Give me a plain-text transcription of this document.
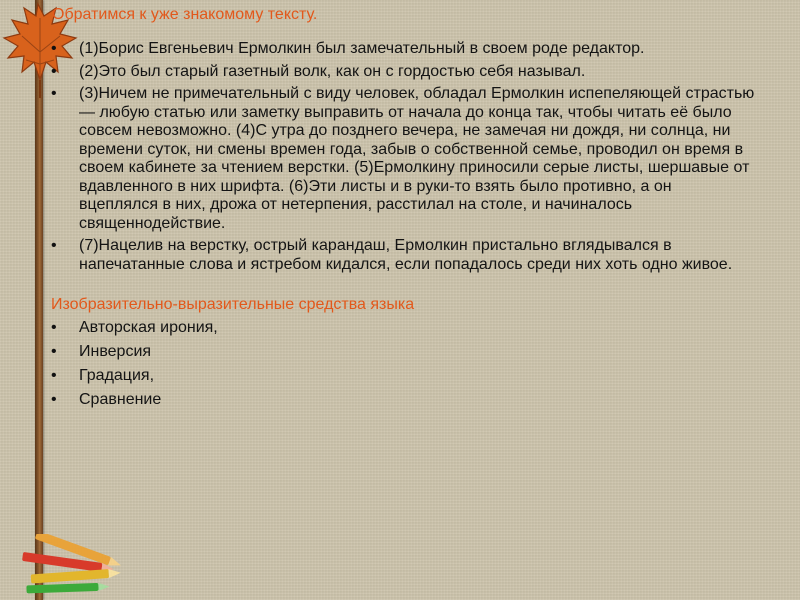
Обратимся к уже знакомому тексту.
• (1)Борис Евгеньевич Ермолкин был замечательный в своем роде редактор.
• (2)Это был старый газетный волк, как он с гордостью себя называл.
• (3)Ничем не примечательный с виду человек, обладал Ермолкин испепеляющей страстью — любую статью или заметку выправить от начала до конца так, чтобы читать её было совсем невозможно. (4)С утра до позднего вечера, не замечая ни дождя, ни солнца, ни времени суток, ни смены времен года, забыв о собственной семье, проводил он время в своем кабинете за чтением верстки. (5)Ермолкину приносили серые листы, шершавые от вдавленного в них шрифта. (6)Эти листы и в руки-то взять было противно, а он вцеплялся в них, дрожа от нетерпения, расстилал на столе, и начиналось священнодействие.
• (7)Нацелив на верстку, острый карандаш, Ермолкин пристально вглядывался в напечатанные слова и ястребом кидался, если попадалось среди них хоть одно живое.
Изобразительно-выразительные средства языка
• Авторская ирония,
• Инверсия
• Градация,
• Сравнение
